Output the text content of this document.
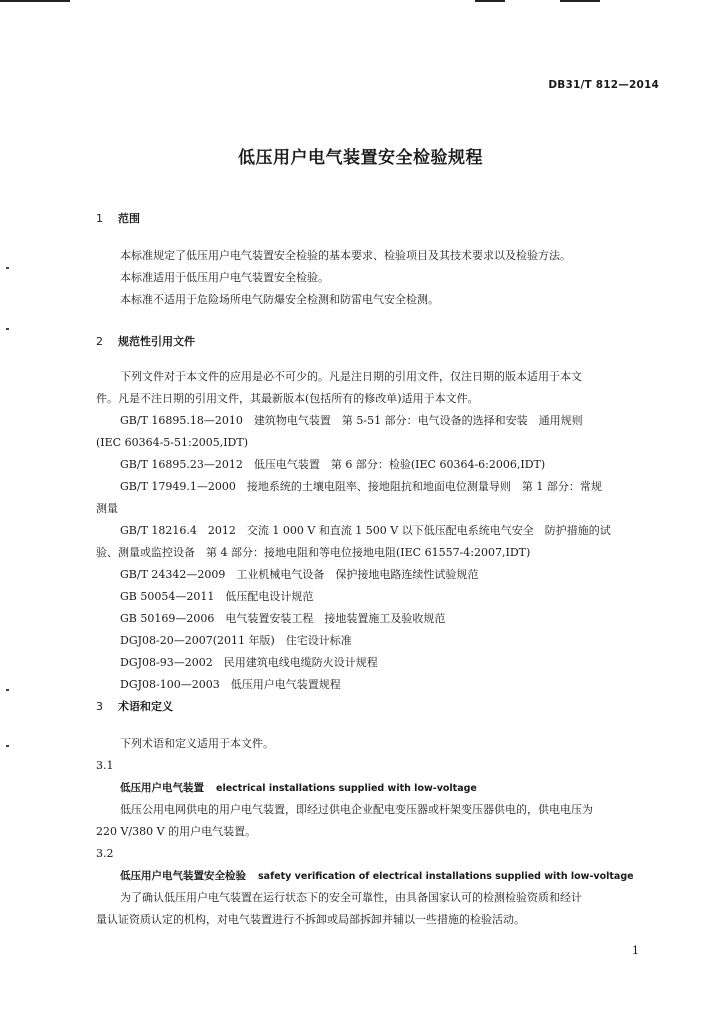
DB31/T 812—2014
低压用户电气装置安全检验规程
1 范围
本标准规定了低压用户电气装置安全检验的基本要求、检验项目及其技术要求以及检验方法。
本标准适用于低压用户电气装置安全检验。
本标准不适用于危险场所电气防爆安全检测和防雷电气安全检测。
2 规范性引用文件
下列文件对于本文件的应用是必不可少的。凡是注日期的引用文件，仅注日期的版本适用于本文
件。凡是不注日期的引用文件，其最新版本(包括所有的修改单)适用于本文件。
GB/T 16895.18—2010　建筑物电气装置　第 5-51 部分：电气设备的选择和安装　通用规则
(IEC 60364-5-51:2005,IDT)
GB/T 16895.23—2012　低压电气装置　第 6 部分：检验(IEC 60364-6:2006,IDT)
GB/T 17949.1—2000　接地系统的土壤电阻率、接地阻抗和地面电位测量导则　第 1 部分：常规
测量
GB/T 18216.4　2012　交流 1 000 V 和直流 1 500 V 以下低压配电系统电气安全　防护措施的试
验、测量或监控设备　第 4 部分：接地电阻和等电位接地电阻(IEC 61557-4:2007,IDT)
GB/T 24342—2009　工业机械电气设备　保护接地电路连续性试验规范
GB 50054—2011　低压配电设计规范
GB 50169—2006　电气装置安装工程　接地装置施工及验收规范
DGJ08-20—2007(2011 年版)　住宅设计标准
DGJ08-93—2002　民用建筑电线电缆防火设计规程
DGJ08-100—2003　低压用户电气装置规程
3 术语和定义
下列术语和定义适用于本文件。
3.1
低压用户电气装置 electrical installations supplied with low-voltage
低压公用电网供电的用户电气装置，即经过供电企业配电变压器或杆架变压器供电的，供电电压为
220 V/380 V 的用户电气装置。
3.2
低压用户电气装置安全检验 safety verification of electrical installations supplied with low-voltage
为了确认低压用户电气装置在运行状态下的安全可靠性，由具备国家认可的检测检验资质和经计
量认证资质认定的机构，对电气装置进行不拆卸或局部拆卸并辅以一些措施的检验活动。
1
